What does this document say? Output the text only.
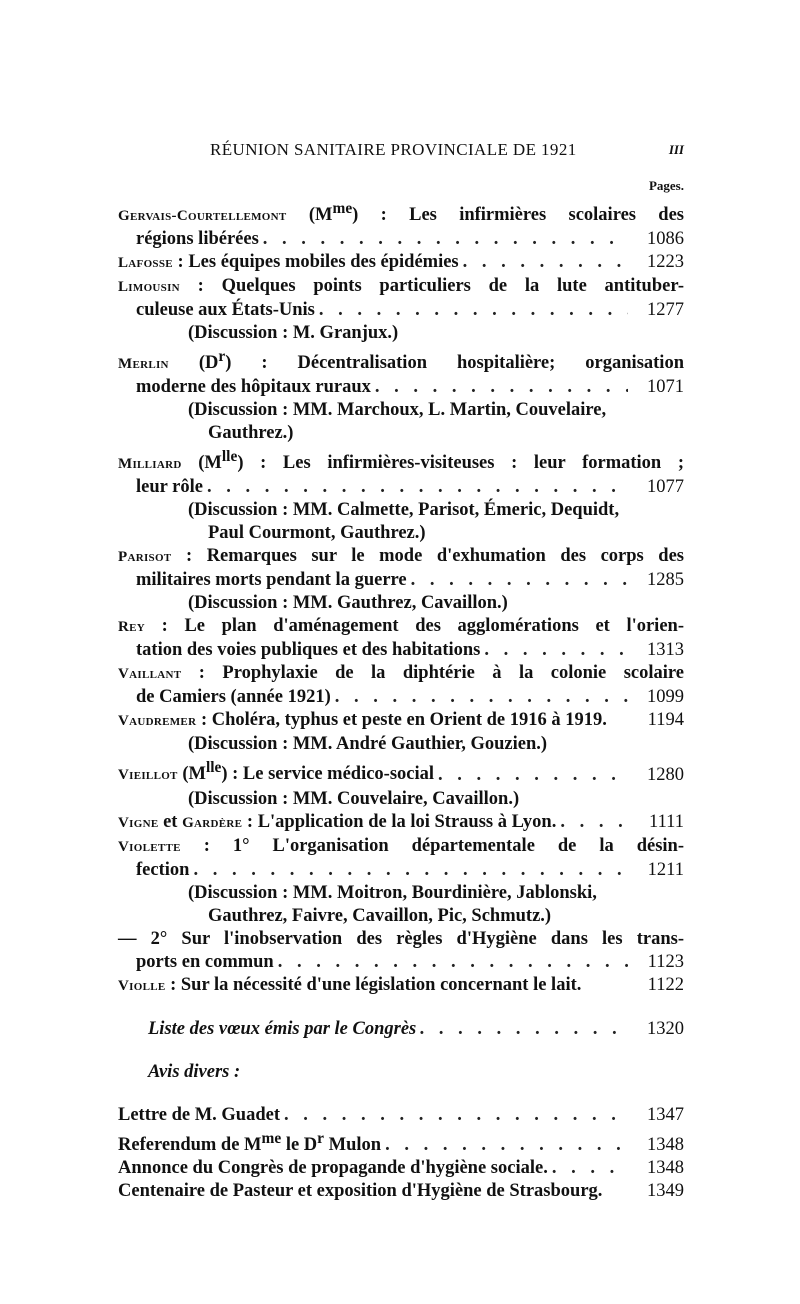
RÉUNION SANITAIRE PROVINCIALE DE 1921	III
Pages.
Gervais-Courtellemont $(M^{me})$ : Les infirmières scolaires des
régions libérées . . .	1086
Lafosse : Les équipes mobiles des épidémies . . .	1223
Limousin : Quelques points particuliers de la lute antituber-
culeuse aux États-Unis . . .	1277
(Discussion : M. Granjux.)
Merlin $(D^r)$ : Décentralisation hospitalière; organisation
moderne des hôpitaux ruraux . . .	1071
(Discussion : MM. Marchoux, L. Martin, Couvelaire,
Gauthrez.)
Milliard $(M^{lle})$ : Les infirmières-visiteuses : leur formation ;
leur rôle . . .	1077
(Discussion : MM. Calmette, Parisot, Émeric, Dequidt,
Paul Courmont, Gauthrez.)
Parisot : Remarques sur le mode d'exhumation des corps des
militaires morts pendant la guerre . . .	1285
(Discussion : MM. Gauthrez, Cavaillon.)
Rey : Le plan d'aménagement des agglomérations et l'orien-
tation des voies publiques et des habitations . . .	1313
Vaillant : Prophylaxie de la diphtérie à la colonie scolaire
de Camiers (année 1921) . . .	1099
Vaudremer : Choléra, typhus et peste en Orient de 1916 à 1919.	1194
(Discussion : MM. André Gauthier, Gouzien.)
Vieillot $(M^{lle})$ : Le service médico-social . . .	1280
(Discussion : MM. Couvelaire, Cavaillon.)
Vigne et Gardère : L'application de la loi Strauss à Lyon. . . .	1111
Violette : 1° L'organisation départementale de la désin-
fection . . .	1211
(Discussion : MM. Moitron, Bourdinière, Jablonski,
Gauthrez, Faivre, Cavaillon, Pic, Schmutz.)
— 2° Sur l'inobservation des règles d'Hygiène dans les trans-
ports en commun . . .	1123
Violle : Sur la nécessité d'une législation concernant le lait.	1122
Liste des vœux émis par le Congrès . . .	1320
Avis divers :
Lettre de M. Guadet . . .	1347
Referendum de $M^{me}$ le $D^r$ Mulon . . .	1348
Annonce du Congrès de propagande d'hygiène sociale. . . .	1348
Centenaire de Pasteur et exposition d'Hygiène de Strasbourg.	1349
